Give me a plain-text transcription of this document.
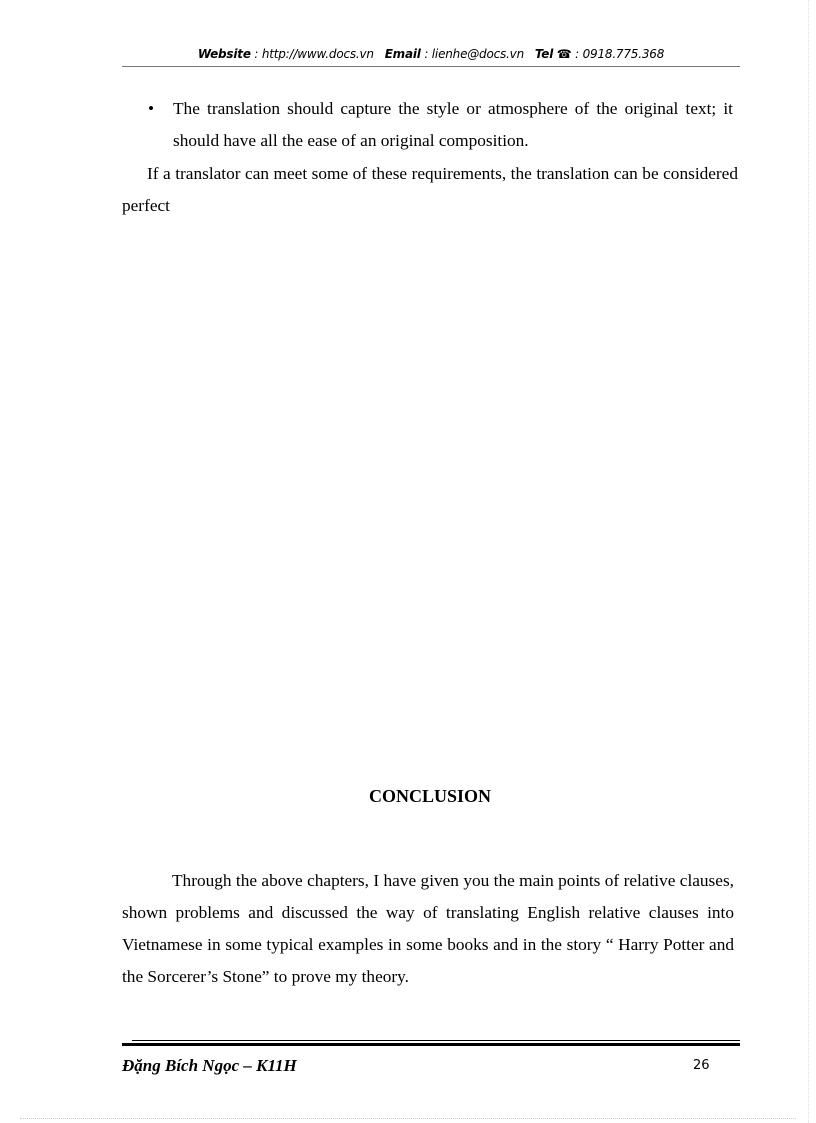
Website : http://www.docs.vn Email : lienhe@docs.vn Tel ☎ : 0918.775.368
• The translation should capture the style or atmosphere of the original text; it should have all the ease of an original composition.
If a translator can meet some of these requirements, the translation can be considered perfect
CONCLUSION
Through the above chapters, I have given you the main points of relative clauses, shown problems and discussed the way of translating English relative clauses into Vietnamese in some typical examples in some books and in the story “ Harry Potter and the Sorcerer’s Stone” to prove my theory.
Đặng Bích Ngọc – K11H	26
